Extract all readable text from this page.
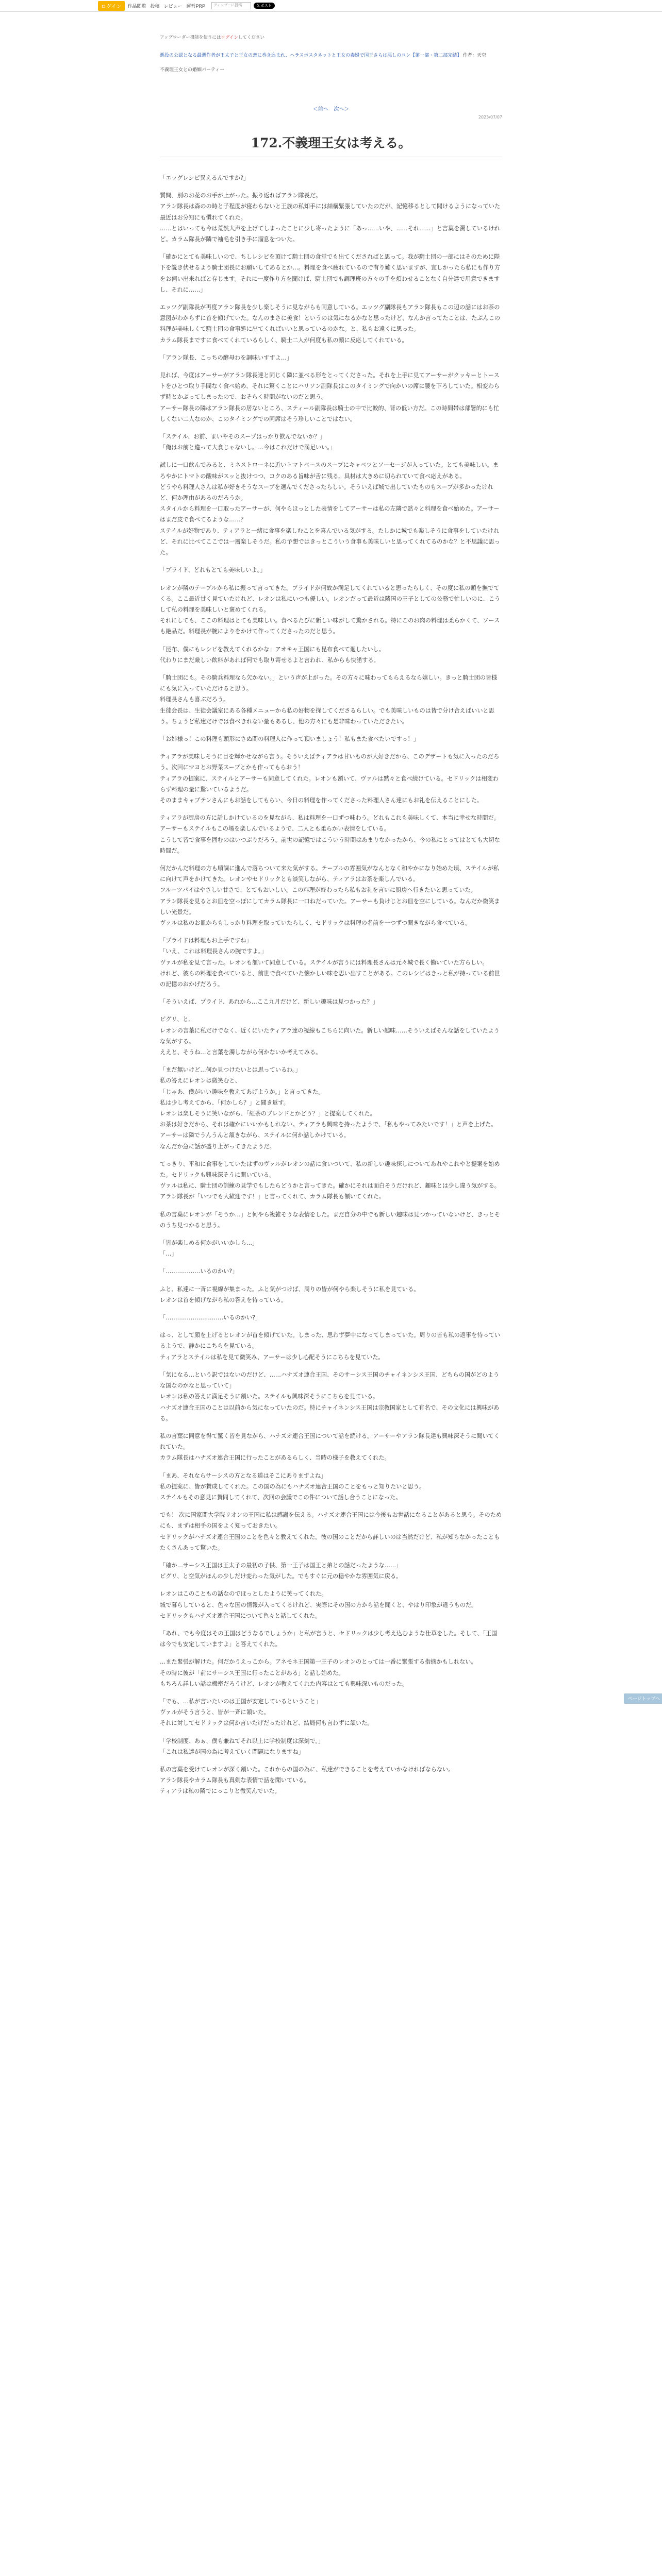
ログイン	作品閲覧 投稿 レビュー 運営PRP	ディップーに投稿	𝕏 ポスト
アップローダー機能を使うにはログインしてください
悪役の公認となる最悪作者が王太子と王女の恋に巻き込まれ、ヘラスポスタネットと王女の毒婦で国王さらは悪しのコン【第一部・第二部完結】 作者：天空
不義理王女との婚姻バーティー
＜前へ 次へ＞
2023/07/07
172.不義理王女は考える。

「エッグレシピ異えるんですか?」

質問、別のお花のお手が上がった。振り返ればアラン隊長だ。
アラン隊長は森のの時と子程度が寝わらないと王族の私知手には結構緊張していたのだが、記憶移るとして聞けるようになっていた最近はお分知にも慣れてくれた。
……とはいっても今は荒然大声を上げてしまったことに少し寄ったように「あっ……いや、……それ……」と言葉を濁しているけれど。カラム隊長が隣で袖毛を引き手に溜息をついた。

「確かにとても美味しいので、ちしレシピを頂けて騎士団の食堂でも出てくださればと思って。我が騎士団の一部にはそのために陛下を説き伏せるよう騎士団長にお願いしてあるとか…。料理を食べ疲れているので有り難く思いますが、宜しかったら私にも作り方をお伺い出来ればと存じます。それに一度作り方を聞けば、騎士団でも調理班の方々の手を煩わせることなく自分達で用意できますし、それに……」

エッツグ副隊長が再度アラン隊長を少し楽しそうに見ながらも同意している。エッツグ副隊長もアラン隊長もこの辺の話にはお茶の意図がわからずに首を傾げていた。なんのまさに美食！というのは気になるかなと思ったけど、なんか言ってたことは、たぶんこの料理が美味しくて騎士団の食事処に出てくればいいと思っているのかな。と、私もお遠くに思った。
カラム隊長まですに食べてくれているらしく、騎士二人が何度も私の顔に反応してくれている。

「アラン隊長、こっちの酵母わを調味いすすよ…」

見れば、今度はアーサーがアラン隊長達と同じく隣に並べる形をとってくださった。それを上手に見てアーサーがクッキーとトーストをひとつ取り手間なく食べ始め、それに驚くことにハリソン副隊長はこのタイミングで向かいの席に腰を下ろしていた。相変わらず時とかぶってしまったので、おそらく時間がないのだと思う。
アーサー隊長の隣はアラン隊長の居ないところ、スティール副隊長は騎士の中で比較的、背の低い方だ。この時間帯は部署的にも忙しくない二人なのか、このタイミングでの同席はそう珍しいことではない。

「ステイル、お前、まいやそのスープはっかり飲んでないか？」
「俺はお前と違って大食じゃないし。…今はこれだけで満足いい。」

試しに一口飲んでみると、ミネストローネに近いトマトベースのスープにキャベツとソーセージが入っていた。とても美味しい。まろやかにトマトの酸味がスッと抜けつつ、コクのある旨味が舌に残る。具材は大きめに切られていて食べ応えがある。
どうやら料理人さんは私が好きそうなスープを選んでくださったらしい。そういえば城で出していたものもスープが多かったけれど、何か理由があるのだろうか。
スタイルから料理を一口取ったアーサーが、何やらほっとした表情をしてアーサーは私の左隣で黙々と料理を食べ始めた。アーサーはまだ皮で食べてるような……？
ステイルが好物であり、ティアラと一緒に食事を楽しむことを喜んでいる気がする。たしかに城でも楽しそうに食事をしていたけれど、それに比べてここでは一層楽しそうだ。私の予想ではきっとこういう食事も美味しいと思ってくれてるのかな？と不思議に思った。

「プライド、どれもとても美味しいよ。」

レオンが隣のテーブルから私に振って言ってきた。プライドが何故か満足してくれていると思ったらしく、その度に私の頭を撫でてくる。ここ最近甘く見ていたけれど、レオンは私にいつも優しい。レオンだって最近は隣国の王子としての公務で忙しいのに、こうして私の料理を美味しいと褒めてくれる。
それにしても、ここの料理はとても美味しい。食べるたびに新しい味がして驚かされる。特にこのお肉の料理は柔らかくて、ソースも絶品だ。料理長が腕によりをかけて作ってくださったのだと思う。

「昆布、僕にもレシピを教えてくれるかな」アオキャ王国にも昆布食べて廻したいし。
代わりにまだ厳しい飲料があれば何でも取り寄せるよと言われ、私からも快諾する。

「騎士団にも。その騎兵料理なら欠かない。」という声が上がった。その方々に味わってもらえるなら嬉しい。きっと騎士団の皆様にも気に入っていただけると思う。
料理長さんも喜ぶだろう。
生徒会長は、生徒会議室にある各種メニューから私の好物を探してくださるらしい。でも美味しいものは皆で分け合えばいいと思う。ちょうど私達だけでは食べきれない量もあるし、他の方々にも是非味わっていただきたい。

「お姉様っ！この料理も頭形にさぬ間の料理人に作って頂いましょう！私もまた食べたいですっ！」

ティアラが美味しそうに目を輝かせながら言う。そういえばティアラは甘いものが大好きだから、このデザートも気に入ったのだろう。次回にマヨとお野菜スープとかも作ってもらおう！
ティアラの提案に、ステイルとアーサーも同意してくれた。レオンも頷いて、ヴァルは黙々と食べ続けている。セドリックは相変わらず料理の量に驚いているようだ。
そのままキャプテンさんにもお話をしてもらい、今日の料理を作ってくださった料理人さん達にもお礼を伝えることにした。

ティアラが厨房の方に話しかけているのを見ながら、私は料理を一口ずつ味わう。どれもこれも美味しくて、本当に幸せな時間だ。アーサーもステイルもこの場を楽しんでいるようで、二人とも柔らかい表情をしている。
こうして皆で食事を囲むのはいつぶりだろう。前世の記憶ではこういう時間はあまりなかったから、今の私にとってはとても大切な時間だ。

何だかんだ料理の方も順調に進んで落ちついて来た気がする。テーブルの雰囲気がなんとなく和やかになり始めた頃、ステイルが私に向けて声をかけてきた。レオンやセドリックとも談笑しながら、ティアラはお茶を楽しんでいる。
フルーツパイはやさしい甘さで、とてもおいしい。この料理が終わったら私もお礼を言いに厨房へ行きたいと思っていた。
アラン隊長を見るとお皿を空っぽにしてカラム隊長に一口ねだっていた。アーサーも負けじとお皿を空にしている。なんだか微笑ましい光景だ。
ヴァルは私のお皿からもしっかり料理を取っていたらしく、セドリックは料理の名前を一つずつ聞きながら食べている。

「プライドは料理もお上手ですね」
「いえ、これは料理長さんの腕ですよ。」
ヴァルが私を見て言った。レオンも頷いて同意している。ステイルが言うには料理長さんは元々城で長く働いていた方らしい。
けれど、彼らの料理を食べていると、前世で食べていた懐かしい味を思い出すことがある。このレシピはきっと私が持っている前世の記憶のおかげだろう。

「そういえば、プライド、あれから…ここ九月だけど、新しい趣味は見つかった？」

ピグリ、と。
レオンの言葉に私だけでなく、近くにいたティアラ達の視線もこちらに向いた。新しい趣味……そういえばそんな話をしていたような気がする。
ええと、そうね…と言葉を濁しながら何かないか考えてみる。

「まだ無いけど…何か見つけたいとは思っているわ。」
私の答えにレオンは微笑むと、
「じゃあ、僕がいい趣味を教えてあげようか。」と言ってきた。
私は少し考えてから、「何かしら？」と聞き返す。
レオンは楽しそうに笑いながら、「紅茶のブレンドとかどう？」と提案してくれた。
お茶は好きだから、それは確かにいいかもしれない。ティアラも興味を持ったようで、「私もやってみたいです！」と声を上げた。
アーサーは隣でうんうんと頷きながら、ステイルに何か話しかけている。
なんだか急に話が盛り上がってきたようだ。

てっきり、平和に食事をしていたはずのヴァルがレオンの話に食いついて、私の新しい趣味探しについてあれやこれやと提案を始めた。セドリックも興味深そうに聞いている。
ヴァルは私に、騎士団の訓練の見学でもしたらどうかと言ってきた。確かにそれは面白そうだけれど、趣味とは少し違う気がする。
アラン隊長が「いつでも大歓迎です！」と言ってくれて、カラム隊長も頷いてくれた。

私の言葉にレオンが「そうか…」と何やら複雑そうな表情をした。まだ自分の中でも新しい趣味は見つかっていないけど、きっとそのうち見つかると思う。

「皆が楽しめる何かがいいかしら…」
「…」

「………………いるのかい?」

ふと、私達に一斉に視線が集まった。ふと気がつけば、周りの皆が何やら楽しそうに私を見ている。
レオンは首を傾げながら私の答えを待っている。

「…………………………いるのかい?」

はっ、として顔を上げるとレオンが首を傾げていた。しまった、思わず夢中になってしまっていた。周りの皆も私の返事を待っているようで、静かにこちらを見ている。
ティアラとステイルは私を見て微笑み、アーサーは少し心配そうにこちらを見ていた。

「気になる…という訳ではないのだけど、……ハナズオ連合王国、そのサーシス王国のチャイネンシス王国、どちらの国がどのような国なのかなと思っていて」
レオンは私の答えに満足そうに頷いた。ステイルも興味深そうにこちらを見ている。
ハナズオ連合王国のことは以前から気になっていたのだ。特にチャイネンシス王国は宗教国家として有名で、その文化には興味がある。

私の言葉に同意を得て驚く皆を見ながら、ハナズオ連合王国について話を続ける。アーサーやアラン隊長達も興味深そうに聞いてくれていた。
カラム隊長はハナズオ連合王国に行ったことがあるらしく、当時の様子を教えてくれた。

「まあ、それならサーシスの方となる道はそこにありますよね」
私の提案に、皆が賛成してくれた。この国の為にもハナズオ連合王国のことをもっと知りたいと思う。
ステイルもその意見に賛同してくれて、次回の会議でこの件について話し合うことになった。

でも！ 次に国家間大学院リオンの王国に私は感謝を伝える。ハナズオ連合王国には今後もお世話になることがあると思う。そのためにも、まずは相手の国をよく知っておきたい。
セドリックがハナズオ連合王国のことを色々と教えてくれた。彼の国のことだから詳しいのは当然だけど、私が知らなかったこともたくさんあって驚いた。

「確か…サーシス王国は王太子の最初の子供、第一王子は国王と弟との話だったような……」
ピグリ、と空気がほんの少しだけ変わった気がした。でもすぐに元の穏やかな雰囲気に戻る。

レオンはこのこともの話なのでほっとしたように笑ってくれた。
城で暮らしていると、色々な国の情報が入ってくるけれど、実際にその国の方から話を聞くと、やはり印象が違うものだ。
セドリックもハナズオ連合王国について色々と話してくれた。

「あれ、でも今度はその王国はどうなるでしょうか」と私が言うと、セドリックは少し考え込むような仕草をした。そして、「王国は今でも安定していますよ」と答えてくれた。

…また緊張が解けた。何だかうえっこから。アネモネ王国第一王子のレオンのとっては一番に緊張する指摘かもしれない。
その時に彼が「前にサーシス王国に行ったことがある」と話し始めた。
もちろん詳しい話は機密だろうけど、レオンが教えてくれた内容はとても興味深いものだった。

「でも、…私が言いたいのは王国が安定しているということ」
ヴァルがそう言うと、皆が一斉に頷いた。
それに対してセドリックは何か言いたげだったけれど、結局何も言わずに頷いた。

「学校制度、あぁ、僕も兼ねてそれ以上に学校制度は深刻で。」
「これは私達が国の為に考えていく問題になりますね」

私の言葉を受けてレオンが深く頷いた。これからの国の為に、私達ができることを考えていかなければならない。
アラン隊長やカラム隊長も真剣な表情で話を聞いている。
ティアラは私の隣でにっこりと微笑んでいた。

ページトップへ
